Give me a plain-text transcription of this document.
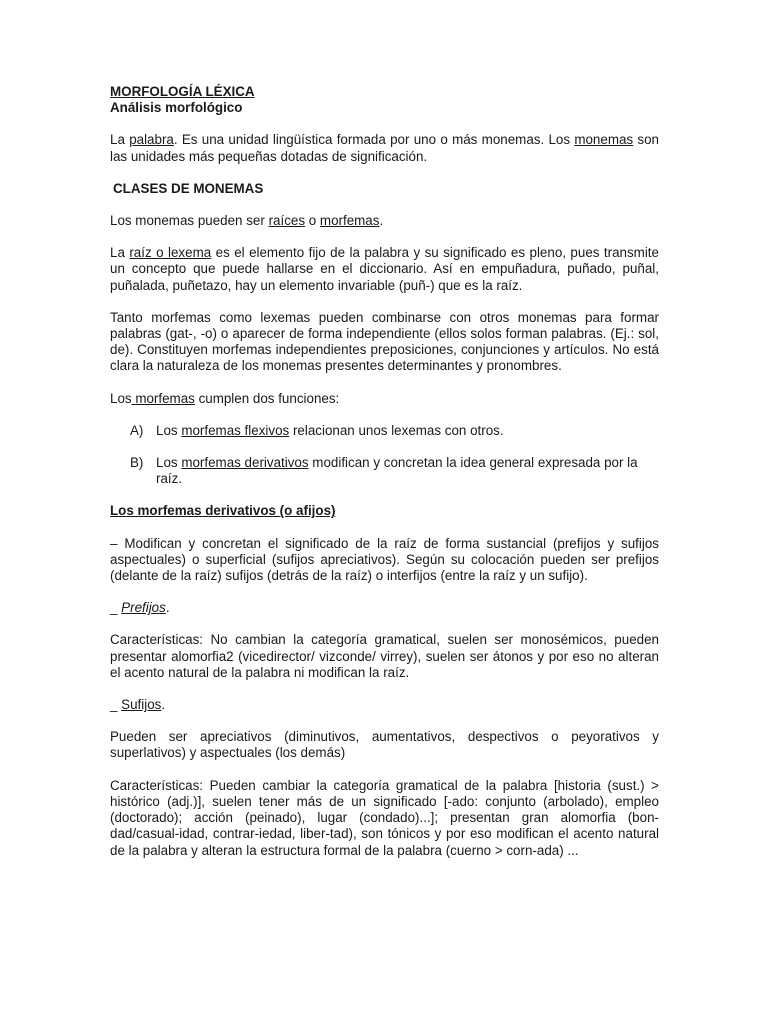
MORFOLOGÍA LÉXICA
Análisis morfológico

La palabra. Es una unidad lingüística formada por uno o más monemas. Los monemas son las unidades más pequeñas dotadas de significación.

CLASES DE MONEMAS

Los monemas pueden ser raíces o morfemas.

La raíz o lexema es el elemento fijo de la palabra y su significado es pleno, pues transmite un concepto que puede hallarse en el diccionario. Así en empuñadura, puñado, puñal, puñalada, puñetazo, hay un elemento invariable (puñ-) que es la raíz.

Tanto morfemas como lexemas pueden combinarse con otros monemas para formar palabras (gat-, -o) o aparecer de forma independiente (ellos solos forman palabras. (Ej.: sol, de). Constituyen morfemas independientes preposiciones, conjunciones y artículos. No está clara la naturaleza de los monemas presentes determinantes y pronombres.

Los morfemas cumplen dos funciones:

A) Los morfemas flexivos relacionan unos lexemas con otros.
B) Los morfemas derivativos modifican y concretan la idea general expresada por la raíz.
Los morfemas derivativos (o afijos)

– Modifican y concretan el significado de la raíz de forma sustancial (prefijos y sufijos aspectuales) o superficial (sufijos apreciativos). Según su colocación pueden ser prefijos (delante de la raíz) sufijos (detrás de la raíz) o interfijos (entre la raíz y un sufijo).

_ Prefijos.

Características: No cambian la categoría gramatical, suelen ser monosémicos, pueden presentar alomorfia2 (vicedirector/ vizconde/ virrey), suelen ser átonos y por eso no alteran el acento natural de la palabra ni modifican la raíz.

_ Sufijos.

Pueden ser apreciativos (diminutivos, aumentativos, despectivos o peyorativos y superlativos) y aspectuales (los demás)

Características: Pueden cambiar la categoría gramatical de la palabra [historia (sust.) > histórico (adj.)], suelen tener más de un significado [-ado: conjunto (arbolado), empleo (doctorado); acción (peinado), lugar (condado)...]; presentan gran alomorfia (bon-dad/casual-idad, contrar-iedad, liber-tad), son tónicos y por eso modifican el acento natural de la palabra y alteran la estructura formal de la palabra (cuerno > corn-ada) ...
